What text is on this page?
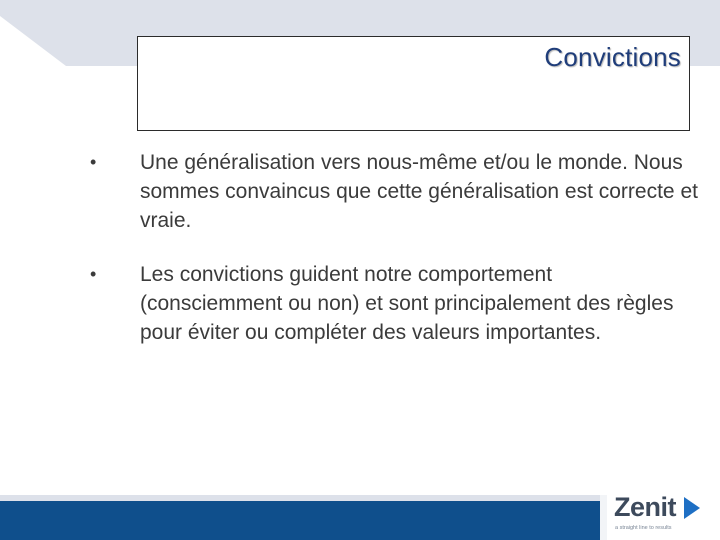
Convictions
•	Une généralisation vers nous-même et/ou le monde. Nous sommes convaincus que cette généralisation est correcte et vraie.
•	Les convictions guident notre comportement (consciemment ou non) et sont principalement des règles pour éviter ou compléter des valeurs importantes.
Zenit
a straight line to results
